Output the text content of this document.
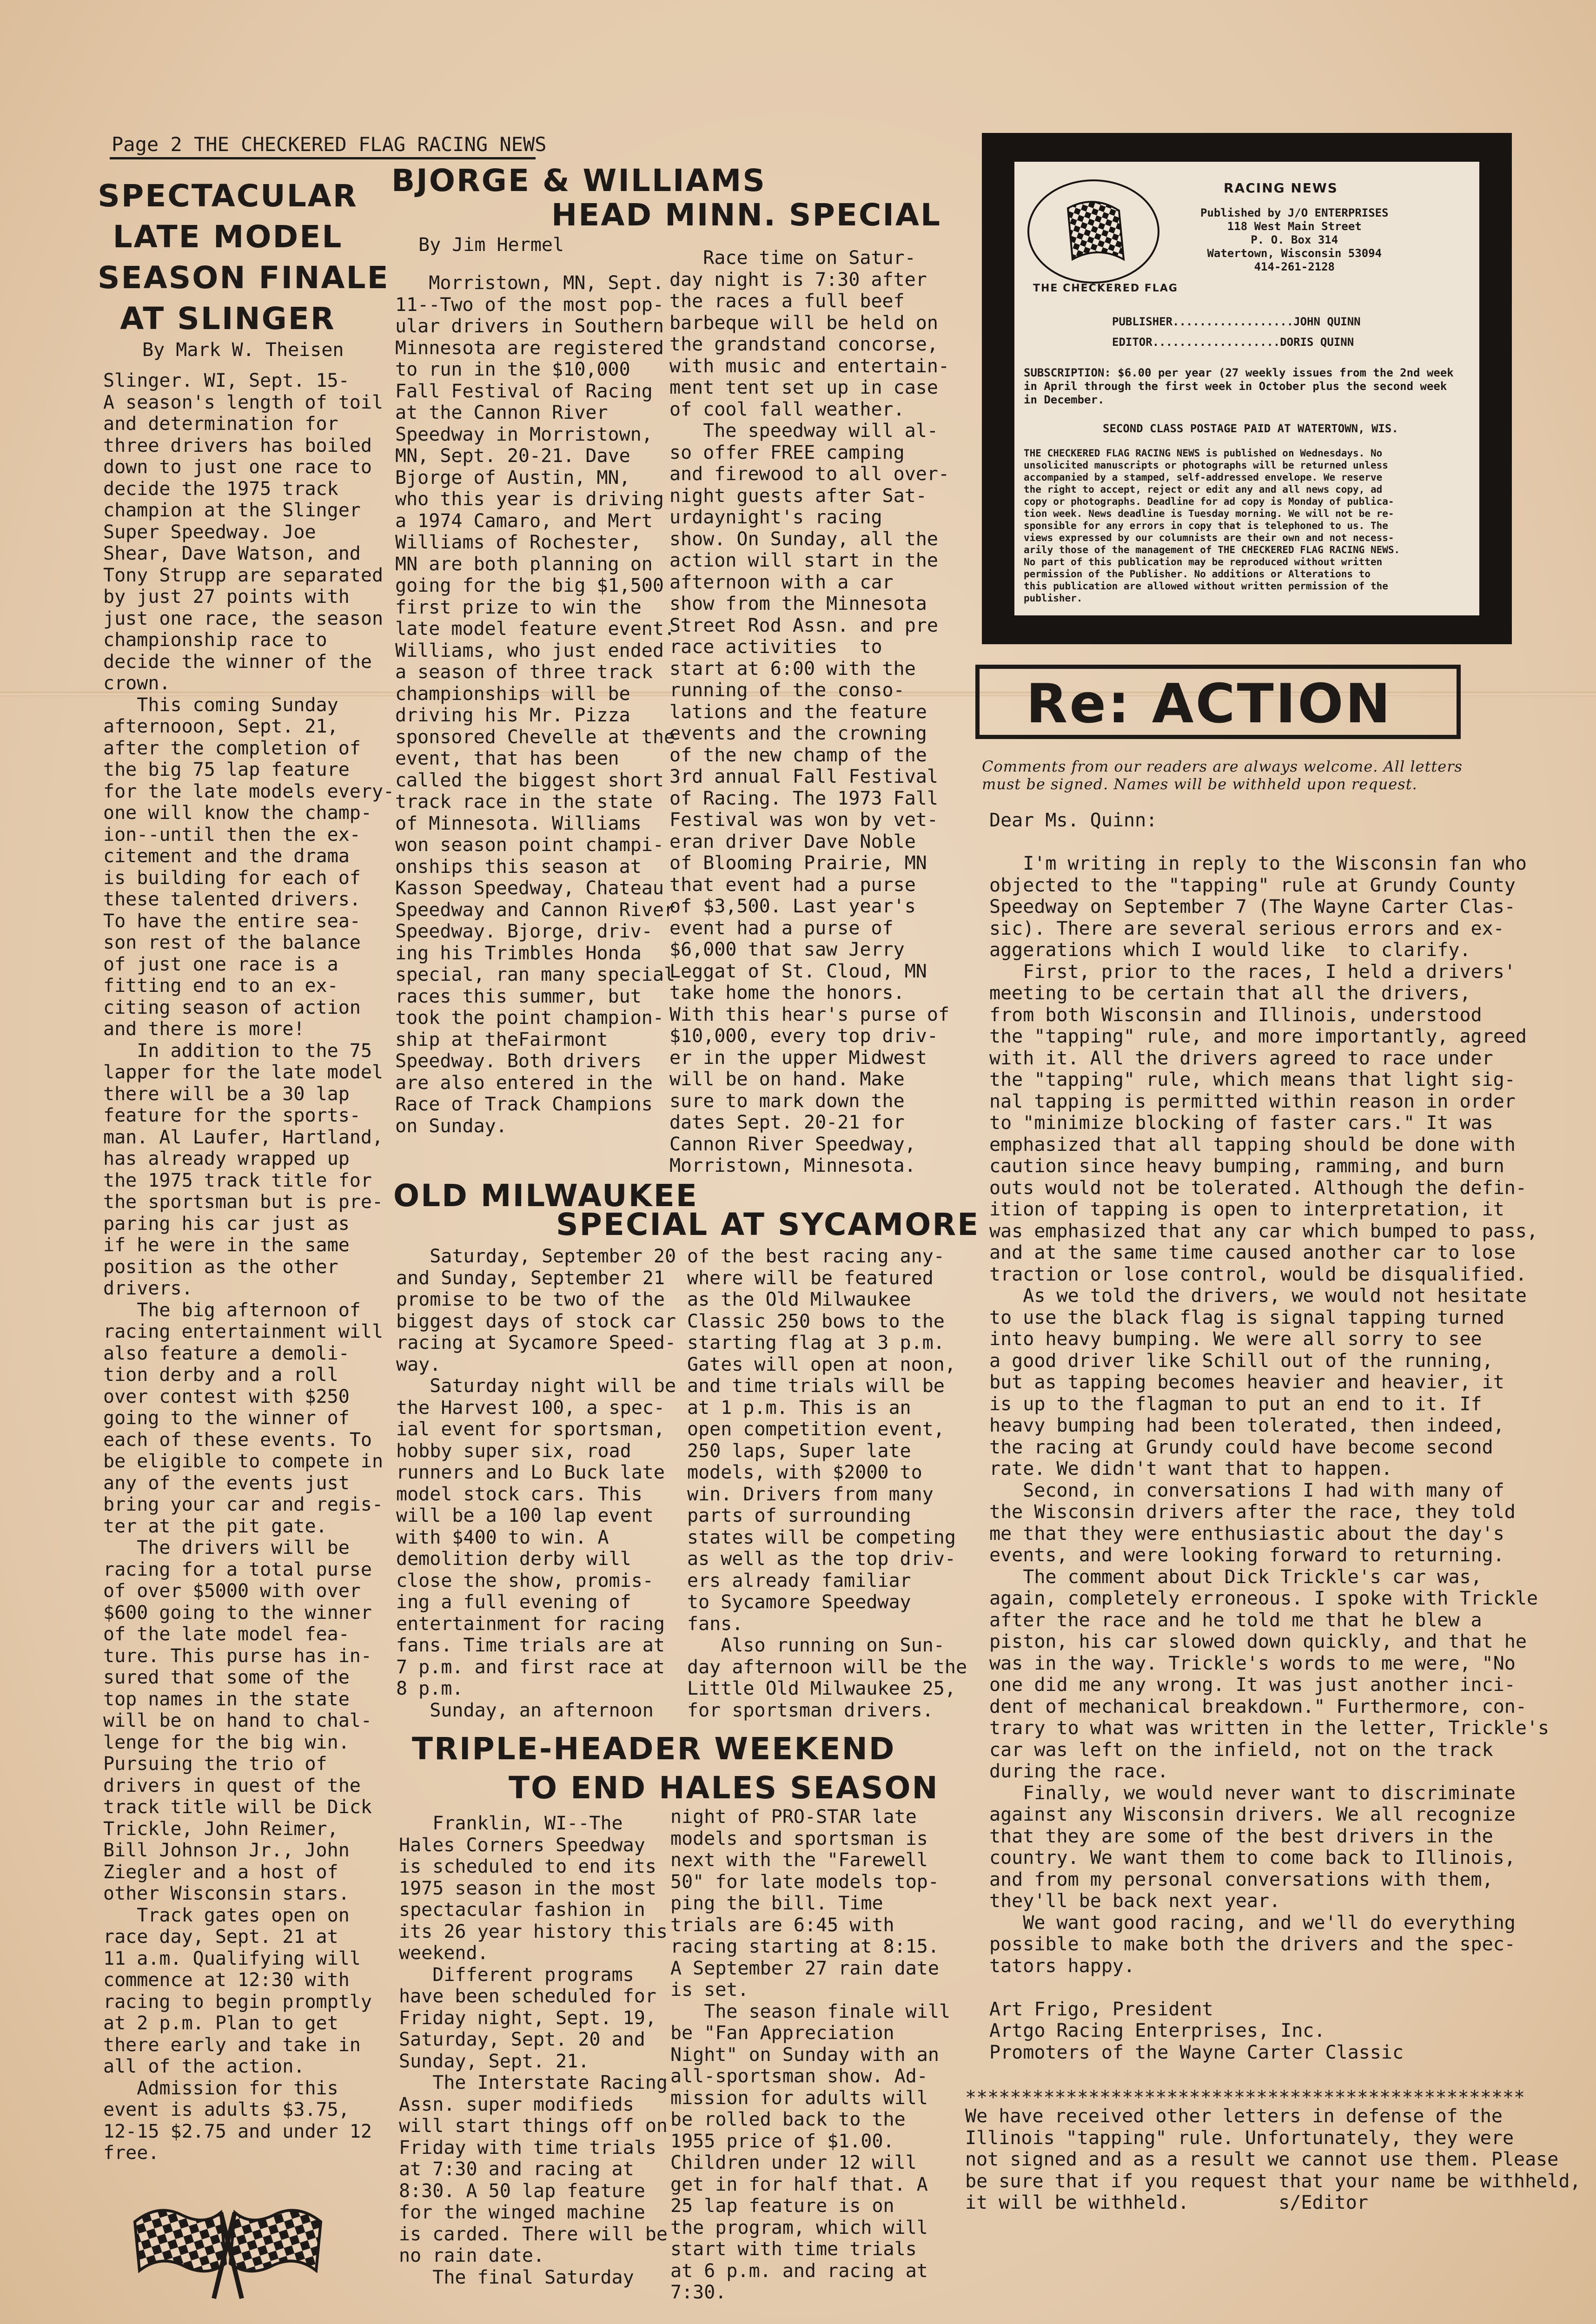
Page 2 THE CHECKERED FLAG RACING NEWS
SPECTACULAR
LATE MODEL
SEASON FINALE
AT SLINGER
By Mark W. Theisen
Slinger. WI, Sept. 15-
A season's length of toil
and determination for
three drivers has boiled
down to just one race to
decide the 1975 track
champion at the Slinger
Super Speedway. Joe
Shear, Dave Watson, and
Tony Strupp are separated
by just 27 points with
just one race, the season
championship race to
decide the winner of the
crown.
This coming Sunday
afternooon, Sept. 21,
after the completion of
the big 75 lap feature
for the late models every-
one will know the champ-
ion--until then the ex-
citement and the drama
is building for each of
these talented drivers.
To have the entire sea-
son rest of the balance
of just one race is a
fitting end to an ex-
citing season of action
and there is more!
In addition to the 75
lapper for the late model
there will be a 30 lap
feature for the sports-
man. Al Laufer, Hartland,
has already wrapped up
the 1975 track title for
the sportsman but is pre-
paring his car just as
if he were in the same
position as the other
drivers.
The big afternoon of
racing entertainment will
also feature a demoli-
tion derby and a roll
over contest with $250
going to the winner of
each of these events. To
be eligible to compete in
any of the events just
bring your car and regis-
ter at the pit gate.
The drivers will be
racing for a total purse
of over $5000 with over
$600 going to the winner
of the late model fea-
ture. This purse has in-
sured that some of the
top names in the state
will be on hand to chal-
lenge for the big win.
Pursuing the trio of
drivers in quest of the
track title will be Dick
Trickle, John Reimer,
Bill Johnson Jr., John
Ziegler and a host of
other Wisconsin stars.
Track gates open on
race day, Sept. 21 at
11 a.m. Qualifying will
commence at 12:30 with
racing to begin promptly
at 2 p.m. Plan to get
there early and take in
all of the action.
Admission for this
event is adults $3.75,
12-15 $2.75 and under 12
free.
BJORGE & WILLIAMS
HEAD MINN. SPECIAL
By Jim Hermel
Morristown, MN, Sept.
11--Two of the most pop-
ular drivers in Southern
Minnesota are registered
to run in the $10,000
Fall Festival of Racing
at the Cannon River
Speedway in Morristown,
MN, Sept. 20-21. Dave
Bjorge of Austin, MN,
who this year is driving
a 1974 Camaro, and Mert
Williams of Rochester,
MN are both planning on
going for the big $1,500
first prize to win the
late model feature event.
Williams, who just ended
a season of three track
championships will be
driving his Mr. Pizza
sponsored Chevelle at the
event, that has been
called the biggest short
track race in the state
of Minnesota. Williams
won season point champi-
onships this season at
Kasson Speedway, Chateau
Speedway and Cannon River
Speedway. Bjorge, driv-
ing his Trimbles Honda
special, ran many special
races this summer, but
took the point champion-
ship at theFairmont
Speedway. Both drivers
are also entered in the
Race of Track Champions
on Sunday.
Race time on Satur-
day night is 7:30 after
the races a full beef
barbeque will be held on
the grandstand concorse,
with music and entertain-
ment tent set up in case
of cool fall weather.
The speedway will al-
so offer FREE camping
and firewood to all over-
night guests after Sat-
urdaynight's racing
show. On Sunday, all the
action will start in the
afternoon with a car
show from the Minnesota
Street Rod Assn. and pre
race activities  to
start at 6:00 with the
running of the conso-
lations and the feature
events and the crowning
of the new champ of the
3rd annual Fall Festival
of Racing. The 1973 Fall
Festival was won by vet-
eran driver Dave Noble
of Blooming Prairie, MN
that event had a purse
of $3,500. Last year's
event had a purse of
$6,000 that saw Jerry
Leggat of St. Cloud, MN
take home the honors.
With this hear's purse of
$10,000, every top driv-
er in the upper Midwest
will be on hand. Make
sure to mark down the
dates Sept. 20-21 for
Cannon River Speedway,
Morristown, Minnesota.
OLD MILWAUKEE
SPECIAL AT SYCAMORE
Saturday, September 20
and Sunday, September 21
promise to be two of the
biggest days of stock car
racing at Sycamore Speed-
way.
Saturday night will be
the Harvest 100, a spec-
ial event for sportsman,
hobby super six, road
runners and Lo Buck late
model stock cars. This
will be a 100 lap event
with $400 to win. A
demolition derby will
close the show, promis-
ing a full evening of
entertainment for racing
fans. Time trials are at
7 p.m. and first race at
8 p.m.
Sunday, an afternoon
of the best racing any-
where will be featured
as the Old Milwaukee
Classic 250 bows to the
starting flag at 3 p.m.
Gates will open at noon,
and time trials will be
at 1 p.m. This is an
open competition event,
250 laps, Super late
models, with $2000 to
win. Drivers from many
parts of surrounding
states will be competing
as well as the top driv-
ers already familiar
to Sycamore Speedway
fans.
Also running on Sun-
day afternoon will be the
Little Old Milwaukee 25,
for sportsman drivers.
TRIPLE-HEADER WEEKEND
TO END HALES SEASON
Franklin, WI--The
Hales Corners Speedway
is scheduled to end its
1975 season in the most
spectacular fashion in
its 26 year history this
weekend.
Different programs
have been scheduled for
Friday night, Sept. 19,
Saturday, Sept. 20 and
Sunday, Sept. 21.
The Interstate Racing
Assn. super modifieds
will start things off on
Friday with time trials
at 7:30 and racing at
8:30. A 50 lap feature
for the winged machine
is carded. There will be
no rain date.
The final Saturday
night of PRO-STAR late
models and sportsman is
next with the "Farewell
50" for late models top-
ping the bill. Time
trials are 6:45 with
racing starting at 8:15.
A September 27 rain date
is set.
The season finale will
be "Fan Appreciation
Night" on Sunday with an
all-sportsman show. Ad-
mission for adults will
be rolled back to the
1955 price of $1.00.
Children under 12 will
get in for half that. A
25 lap feature is on
the program, which will
start with time trials
at 6 p.m. and racing at
7:30.
THE CHECKERED FLAG
RACING NEWS
Published by J/O ENTERPRISES
118 West Main Street
P. O. Box 314
Watertown, Wisconsin 53094
414-261-2128
PUBLISHER..................JOHN QUINN
EDITOR...................DORIS QUINN
SUBSCRIPTION: $6.00 per year (27 weekly issues from the 2nd week
in April through the first week in October plus the second week
in December.
SECOND CLASS POSTAGE PAID AT WATERTOWN, WIS.
THE CHECKERED FLAG RACING NEWS is published on Wednesdays. No
unsolicited manuscripts or photographs will be returned unless
accompanied by a stamped, self-addressed envelope. We reserve
the right to accept, reject or edit any and all news copy, ad
copy or photographs. Deadline for ad copy is Monday of publica-
tion week. News deadline is Tuesday morning. We will not be re-
sponsible for any errors in copy that is telephoned to us. The
views expressed by our columnists are their own and not necess-
arily those of the management of THE CHECKERED FLAG RACING NEWS.
No part of this publication may be reproduced without written
permission of the Publisher. No additions or Alterations to
this publication are allowed without written permission of the
publisher.
Re: ACTION
Comments from our readers are always welcome. All letters
must be signed. Names will be withheld upon request.
Dear Ms. Quinn:

I'm writing in reply to the Wisconsin fan who
objected to the "tapping" rule at Grundy County
Speedway on September 7 (The Wayne Carter Clas-
sic). There are several serious errors and ex-
aggerations which I would like  to clarify.
First, prior to the races, I held a drivers'
meeting to be certain that all the drivers,
from both Wisconsin and Illinois, understood
the "tapping" rule, and more importantly, agreed
with it. All the drivers agreed to race under
the "tapping" rule, which means that light sig-
nal tapping is permitted within reason in order
to "minimize blocking of faster cars." It was
emphasized that all tapping should be done with
caution since heavy bumping, ramming, and burn
outs would not be tolerated. Although the defin-
ition of tapping is open to interpretation, it
was emphasized that any car which bumped to pass,
and at the same time caused another car to lose
traction or lose control, would be disqualified.
As we told the drivers, we would not hesitate
to use the black flag is signal tapping turned
into heavy bumping. We were all sorry to see
a good driver like Schill out of the running,
but as tapping becomes heavier and heavier, it
is up to the flagman to put an end to it. If
heavy bumping had been tolerated, then indeed,
the racing at Grundy could have become second
rate. We didn't want that to happen.
Second, in conversations I had with many of
the Wisconsin drivers after the race, they told
me that they were enthusiastic about the day's
events, and were looking forward to returning.
The comment about Dick Trickle's car was,
again, completely erroneous. I spoke with Trickle
after the race and he told me that he blew a
piston, his car slowed down quickly, and that he
was in the way. Trickle's words to me were, "No
one did me any wrong. It was just another inci-
dent of mechanical breakdown." Furthermore, con-
trary to what was written in the letter, Trickle's
car was left on the infield, not on the track
during the race.
Finally, we would never want to discriminate
against any Wisconsin drivers. We all recognize
that they are some of the best drivers in the
country. We want them to come back to Illinois,
and from my personal conversations with them,
they'll be back next year.
We want good racing, and we'll do everything
possible to make both the drivers and the spec-
tators happy.

Art Frigo, President
Artgo Racing Enterprises, Inc.
Promoters of the Wayne Carter Classic
**************************************************
We have received other letters in defense of the
Illinois "tapping" rule. Unfortunately, they were
not signed and as a result we cannot use them. Please
be sure that if you request that your name be withheld,
it will be withheld.        s/Editor
